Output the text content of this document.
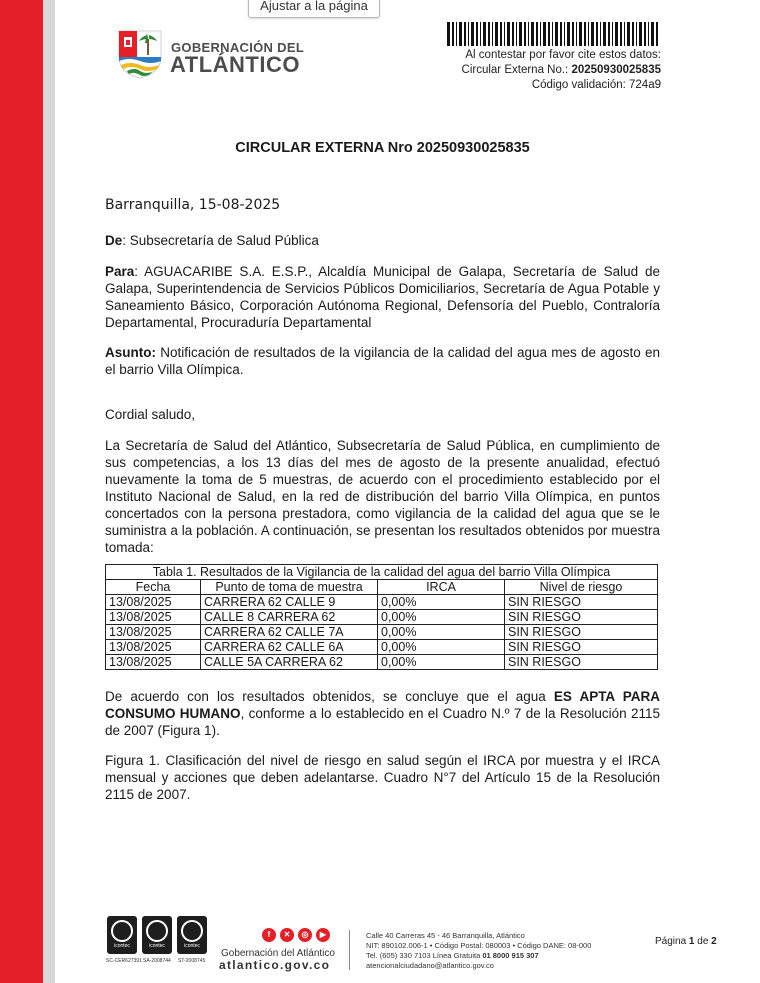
Ajustar a la página
GOBERNACIÓN DEL
ATLÁNTICO	Al contestar por favor cite estos datos:
Circular Externa No.: 20250930025835
Código validación: 724a9
CIRCULAR EXTERNA Nro 20250930025835
Barranquilla, 15-08-2025
De: Subsecretaría de Salud Pública
Para: AGUACARIBE S.A. E.S.P., Alcaldía Municipal de Galapa, Secretaría de Salud de Galapa, Superintendencia de Servicios Públicos Domiciliarios, Secretaría de Agua Potable y Saneamiento Básico, Corporación Autónoma Regional, Defensoría del Pueblo, Contraloría Departamental, Procuraduría Departamental
Asunto: Notificación de resultados de la vigilancia de la calidad del agua mes de agosto en el barrio Villa Olímpica.
Cordial saludo,
La Secretaría de Salud del Atlántico, Subsecretaría de Salud Pública, en cumplimiento de sus competencias, a los 13 días del mes de agosto de la presente anualidad, efectuó nuevamente la toma de 5 muestras, de acuerdo con el procedimiento establecido por el Instituto Nacional de Salud, en la red de distribución del barrio Villa Olímpica, en puntos concertados con la persona prestadora, como vigilancia de la calidad del agua que se le suministra a la población. A continuación, se presentan los resultados obtenidos por muestra tomada:
Tabla 1. Resultados de la Vigilancia de la calidad del agua del barrio Villa Olímpica			
Fecha	Punto de toma de muestra	IRCA	Nivel de riesgo
13/08/2025	CARRERA 62 CALLE 9	0,00%	SIN RIESGO
13/08/2025	CALLE 8 CARRERA 62	0,00%	SIN RIESGO
13/08/2025	CARRERA 62 CALLE 7A	0,00%	SIN RIESGO
13/08/2025	CARRERA 62 CALLE 6A	0,00%	SIN RIESGO
13/08/2025	CALLE 5A CARRERA 62	0,00%	SIN RIESGO
De acuerdo con los resultados obtenidos, se concluye que el agua ES APTA PARA CONSUMO HUMANO, conforme a lo establecido en el Cuadro N.º 7 de la Resolución 2115 de 2007 (Figura 1).
Figura 1. Clasificación del nivel de riesgo en salud según el IRCA por muestra y el IRCA mensual y acciones que deben adelantarse. Cuadro N°7 del Artículo 15 de la Resolución 2115 de 2007.
icontec	icontec	icontec
SC-CER627391 SA-2008744 ST-2008745
f	✕	◎	▶
Gobernación del Atlántico
atlantico.gov.co
Calle 40 Carreras 45 - 46 Barranquilla, Atlántico
NIT: 890102.006-1 • Código Postal: 080003 • Código DANE: 08-000
Tel. (605) 330 7103 Línea Gratuita 01 8000 915 307
atencionalciudadano@atlantico.gov.co
Página 1 de 2
